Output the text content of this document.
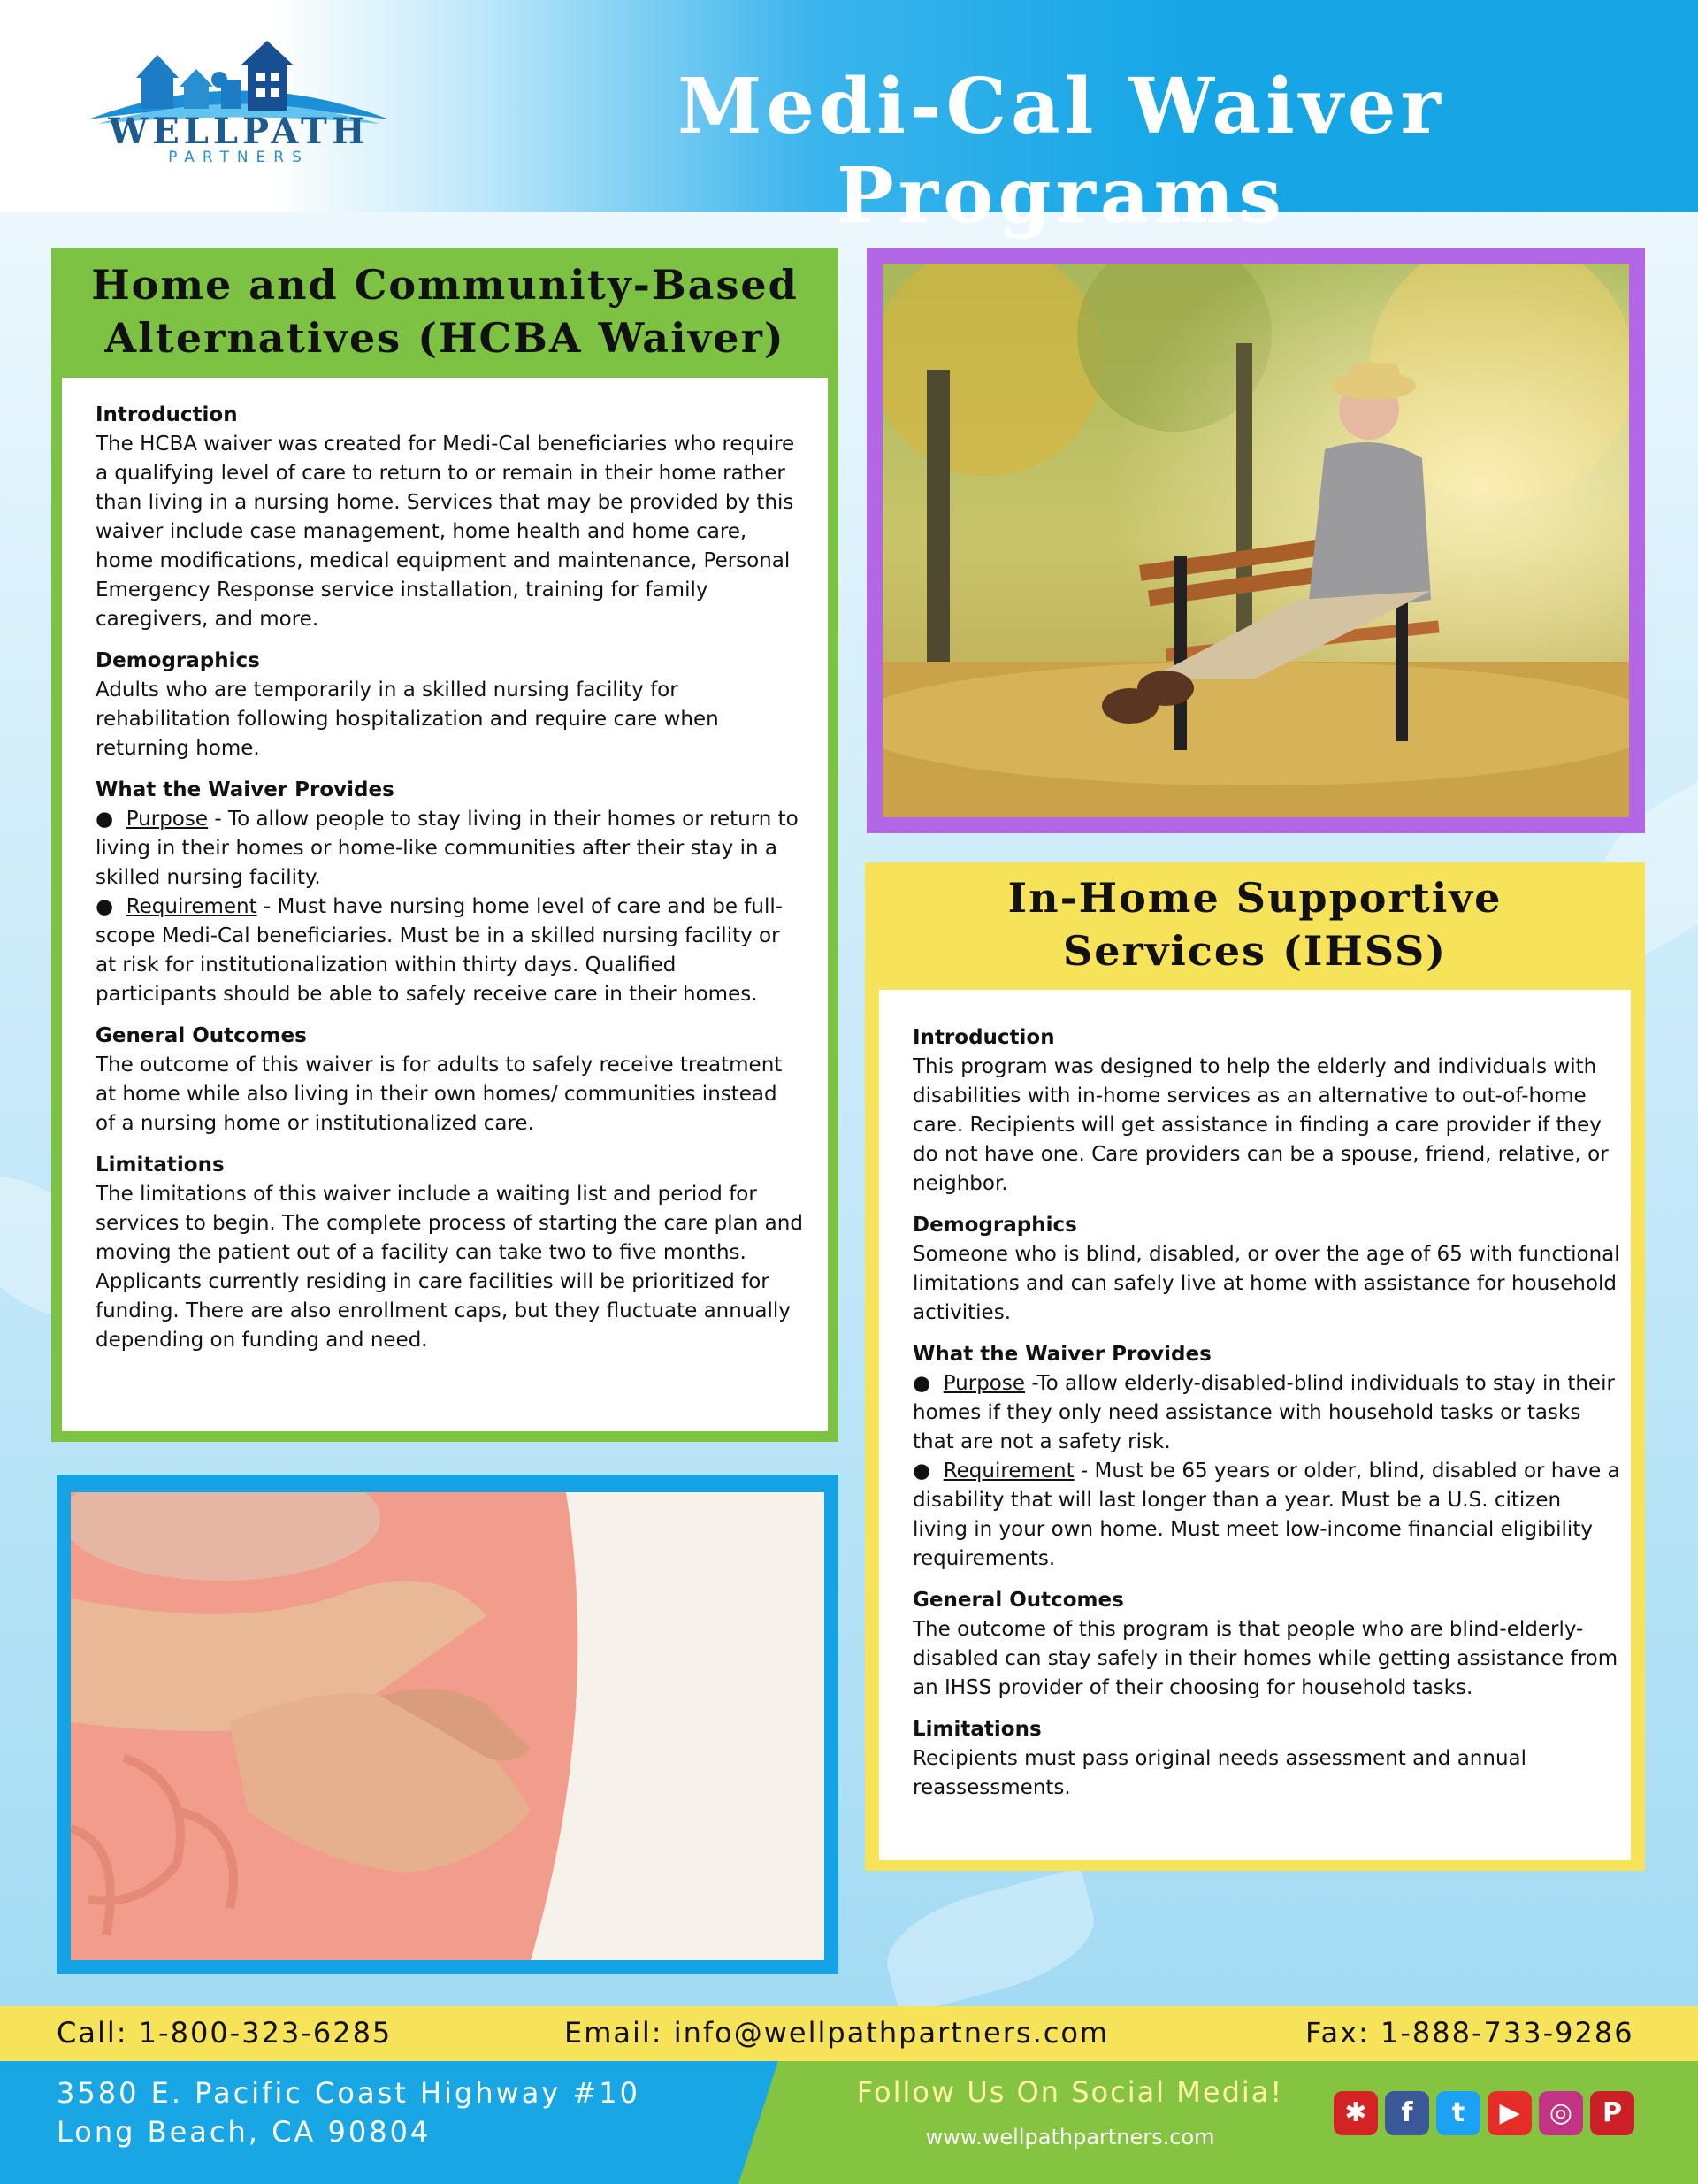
WELLPATH
PARTNERS
Medi-Cal Waiver Programs
Home and Community-Based
Alternatives (HCBA Waiver)
Introduction
The HCBA waiver was created for Medi-Cal beneficiaries who require a qualifying level of care to return to or remain in their home rather than living in a nursing home. Services that may be provided by this waiver include case management, home health and home care, home modifications, medical equipment and maintenance, Personal Emergency Response service installation, training for family caregivers, and more.
Demographics
Adults who are temporarily in a skilled nursing facility for rehabilitation following hospitalization and require care when returning home.
What the Waiver Provides
●  Purpose - To allow people to stay living in their homes or return to living in their homes or home-like communities after their stay in a skilled nursing facility.
●  Requirement - Must have nursing home level of care and be full-scope Medi-Cal beneficiaries. Must be in a skilled nursing facility or at risk for institutionalization within thirty days. Qualified participants should be able to safely receive care in their homes.
General Outcomes
The outcome of this waiver is for adults to safely receive treatment at home while also living in their own homes/ communities instead of a nursing home or institutionalized care.
Limitations
The limitations of this waiver include a waiting list and period for services to begin. The complete process of starting the care plan and moving the patient out of a facility can take two to five months. Applicants currently residing in care facilities will be prioritized for funding. There are also enrollment caps, but they fluctuate annually depending on funding and need.
In-Home Supportive
Services (IHSS)
Introduction
This program was designed to help the elderly and individuals with disabilities with in-home services as an alternative to out-of-home care. Recipients will get assistance in finding a care provider if they do not have one. Care providers can be a spouse, friend, relative, or neighbor.
Demographics
Someone who is blind, disabled, or over the age of 65 with functional limitations and can safely live at home with assistance for household activities.
What the Waiver Provides
●  Purpose -To allow elderly-disabled-blind individuals to stay in their homes if they only need assistance with household tasks or tasks that are not a safety risk.
●  Requirement - Must be 65 years or older, blind, disabled or have a disability that will last longer than a year. Must be a U.S. citizen living in your own home. Must meet low-income financial eligibility requirements.
General Outcomes
The outcome of this program is that people who are blind-elderly-disabled can stay safely in their homes while getting assistance from an IHSS provider of their choosing for household tasks.
Limitations
Recipients must pass original needs assessment and annual reassessments.
Call: 1-800-323-6285	Email: info@wellpathpartners.com	Fax: 1-888-733-9286
3580 E. Pacific Coast Highway #10
Long Beach, CA 90804
Follow Us On Social Media!
www.wellpathpartners.com
✱	f	t	▶	◎	P
